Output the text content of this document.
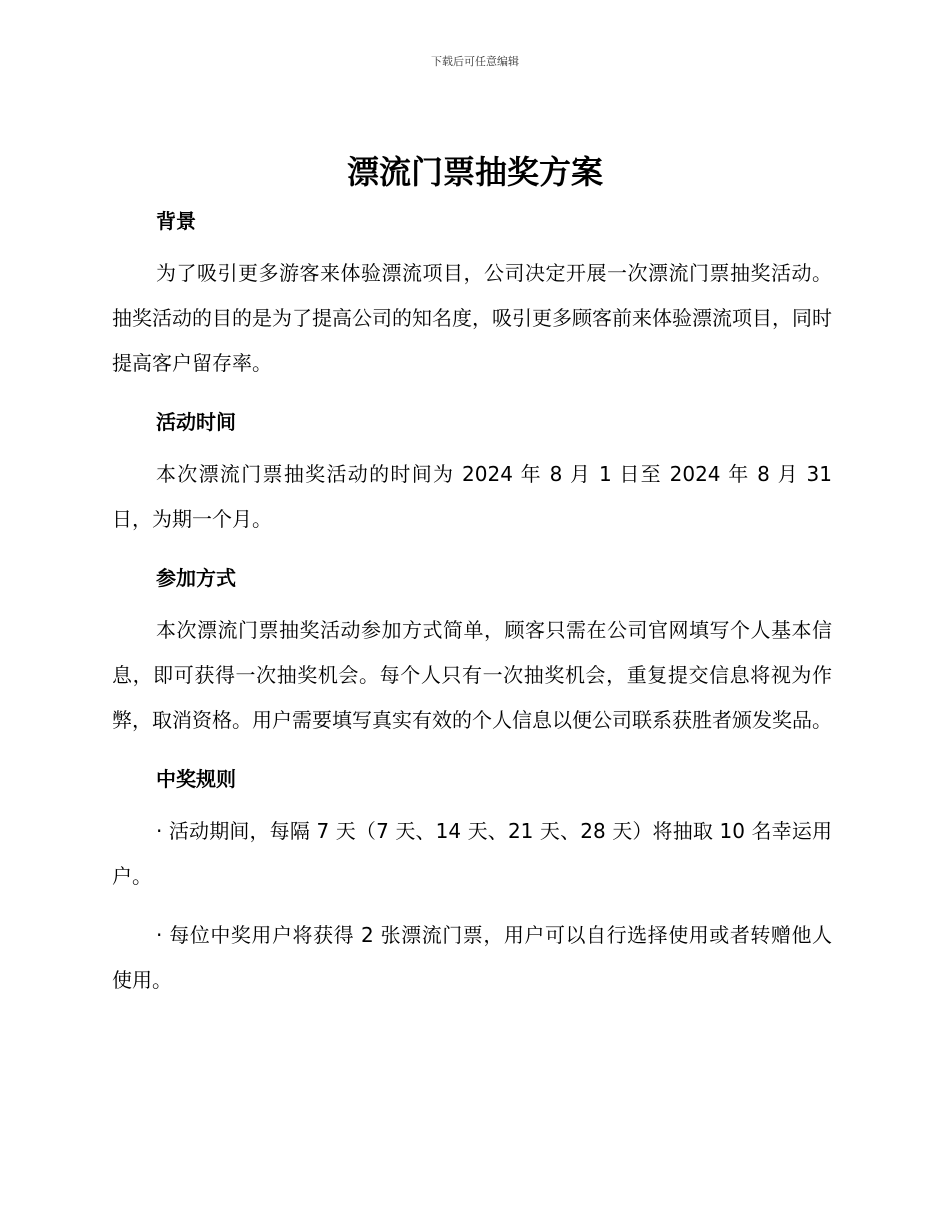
下载后可任意编辑
漂流门票抽奖方案
背景

为了吸引更多游客来体验漂流项目，公司决定开展一次漂流门票抽奖活动。抽奖活动的目的是为了提高公司的知名度，吸引更多顾客前来体验漂流项目，同时提高客户留存率。

活动时间

本次漂流门票抽奖活动的时间为 2024 年 8 月 1 日至 2024 年 8 月 31 日，为期一个月。

参加方式

本次漂流门票抽奖活动参加方式简单，顾客只需在公司官网填写个人基本信息，即可获得一次抽奖机会。每个人只有一次抽奖机会，重复提交信息将视为作弊，取消资格。用户需要填写真实有效的个人信息以便公司联系获胜者颁发奖品。

中奖规则

· 活动期间，每隔 7 天（7 天、14 天、21 天、28 天）将抽取 10 名幸运用户。

· 每位中奖用户将获得 2 张漂流门票，用户可以自行选择使用或者转赠他人使用。
